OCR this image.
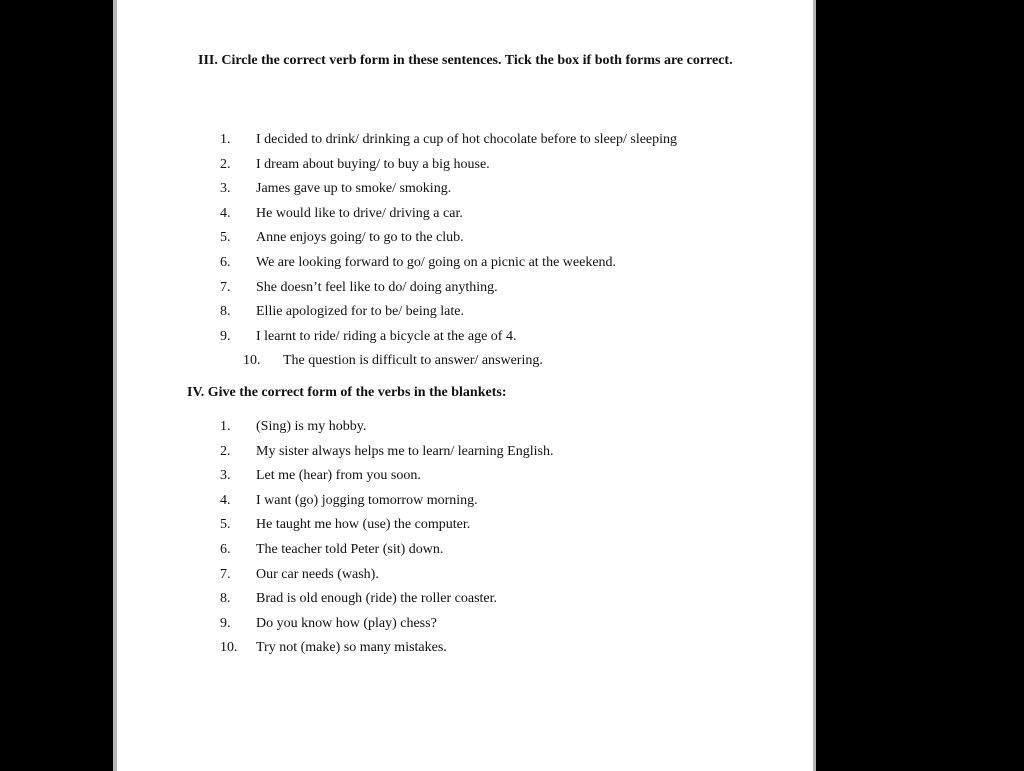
III. Circle the correct verb form in these sentences. Tick the box if both forms are correct.

1.	I decided to drink/ drinking a cup of hot chocolate before to sleep/ sleeping
2.	I dream about buying/ to buy a big house.
3.	James gave up to smoke/ smoking.
4.	He would like to drive/ driving a car.
5.	Anne enjoys going/ to go to the club.
6.	We are looking forward to go/ going on a picnic at the weekend.
7.	She doesn’t feel like to do/ doing anything.
8.	Ellie apologized for to be/ being late.
9.	I learnt to ride/ riding a bicycle at the age of 4.
10.	The question is difficult to answer/ answering.

IV. Give the correct form of the verbs in the blankets:

1.	(Sing) is my hobby.
2.	My sister always helps me to learn/ learning English.
3.	Let me (hear) from you soon.
4.	I want (go) jogging tomorrow morning.
5.	He taught me how (use) the computer.
6.	The teacher told Peter (sit) down.
7.	Our car needs (wash).
8.	Brad is old enough (ride) the roller coaster.
9.	Do you know how (play) chess?
10.	Try not (make) so many mistakes.
